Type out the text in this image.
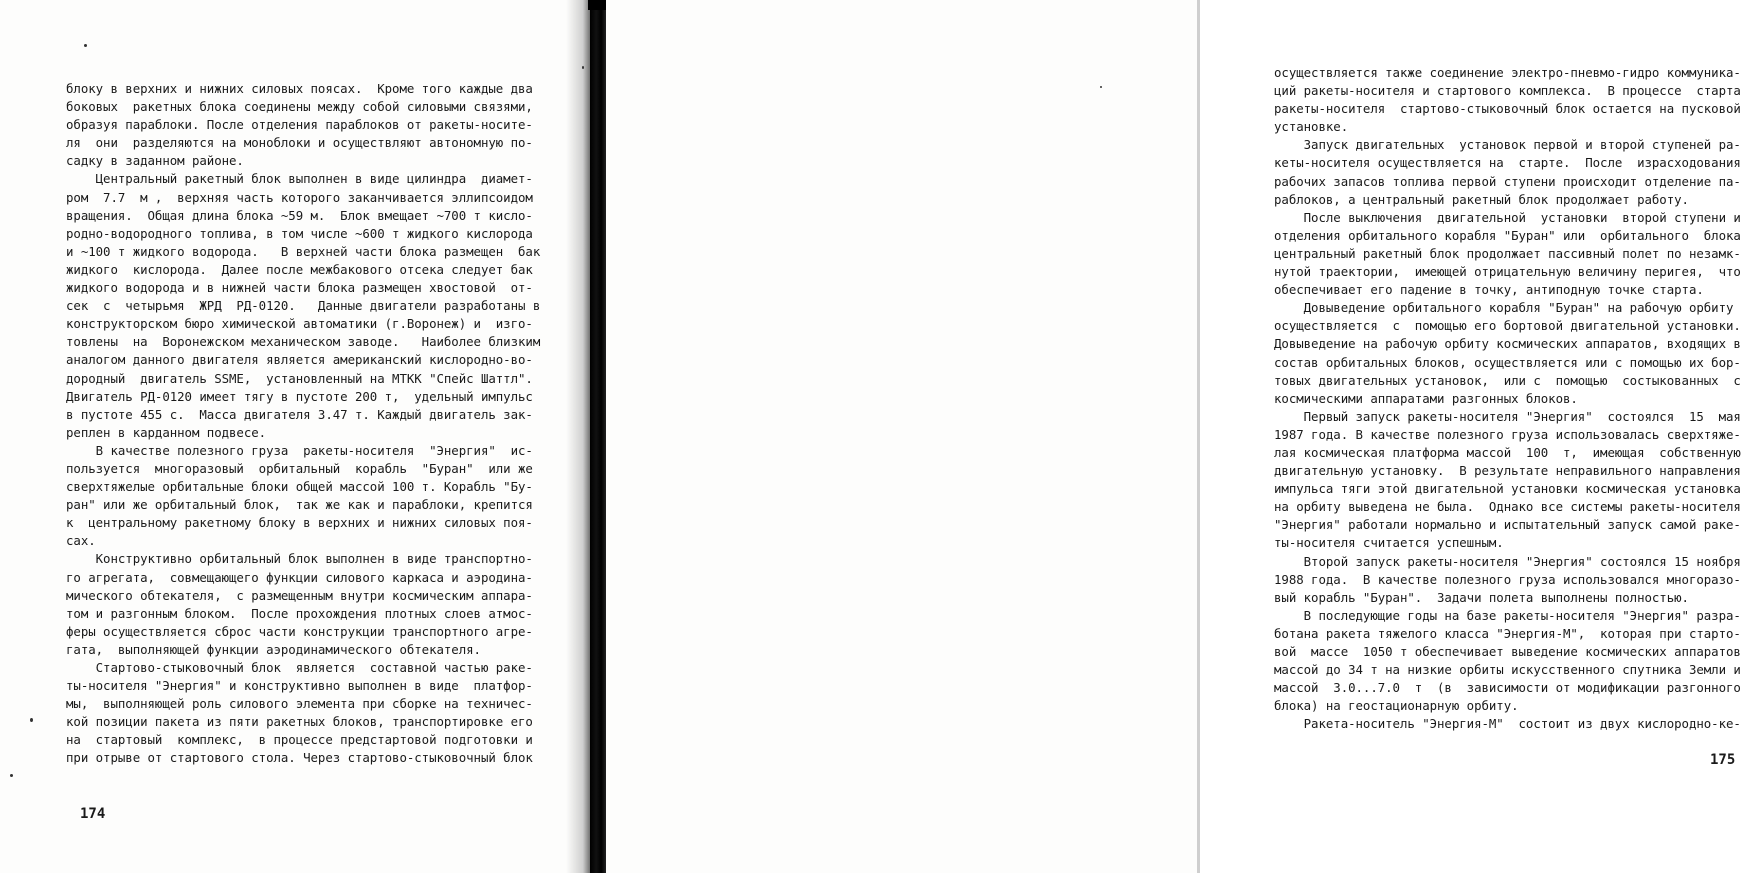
блоку в верхних и нижних силовых поясах.  Кроме того каждые два
боковых  ракетных блока соединены между собой силовыми связями,
образуя параблоки. После отделения параблоков от ракеты-носите-
ля  они  разделяются на моноблоки и осуществляют автономную по-
садку в заданном районе.
Центральный ракетный блок выполнен в виде цилиндра  диамет-
ром  7.7  м ,  верхняя часть которого заканчивается эллипсоидом
вращения.  Общая длина блока ~59 м.  Блок вмещает ~700 т кисло-
родно-водородного топлива, в том числе ~600 т жидкого кислорода
и ~100 т жидкого водорода.   В верхней части блока размещен  бак
жидкого  кислорода.  Далее после межбакового отсека следует бак
жидкого водорода и в нижней части блока размещен хвостовой  от-
сек  с  четырьмя  ЖРД  РД-0120.   Данные двигатели разработаны в
конструкторском бюро химической автоматики (г.Воронеж) и  изго-
товлены  на  Воронежском механическом заводе.   Наиболее близким
аналогом данного двигателя является американский кислородно-во-
дородный  двигатель SSME,  установленный на МТКК "Спейс Шаттл".
Двигатель РД-0120 имеет тягу в пустоте 200 т,  удельный импульс
в пустоте 455 с.  Масса двигателя 3.47 т. Каждый двигатель зак-
реплен в карданном подвесе.
В качестве полезного груза  ракеты-носителя  "Энергия"  ис-
пользуется  многоразовый  орбитальный  корабль  "Буран"  или же
сверхтяжелые орбитальные блоки общей массой 100 т. Корабль "Бу-
ран" или же орбитальный блок,  так же как и параблоки, крепится
к  центральному ракетному блоку в верхних и нижних силовых поя-
сах.
Конструктивно орбитальный блок выполнен в виде транспортно-
го агрегата,  совмещающего функции силового каркаса и аэродина-
мического обтекателя,  с размещенным внутри космическим аппара-
том и разгонным блоком.  После прохождения плотных слоев атмос-
феры осуществляется сброс части конструкции транспортного агре-
гата,  выполняющей функции аэродинамического обтекателя.
Стартово-стыковочный блок  является  составной частью раке-
ты-носителя "Энергия" и конструктивно выполнен в виде  платфор-
мы,  выполняющей роль силового элемента при сборке на техничес-
кой позиции пакета из пяти ракетных блоков, транспортировке его
на  стартовый  комплекс,  в процессе предстартовой подготовки и
при отрыве от стартового стола. Через стартово-стыковочный блок
174
осуществляется также соединение электро-пневмо-гидро коммуника-
ций ракеты-носителя и стартового комплекса.  В процессе  старта
ракеты-носителя  стартово-стыковочный блок остается на пусковой
установке.
Запуск двигательных  установок первой и второй ступеней ра-
кеты-носителя осуществляется на  старте.  После  израсходования
рабочих запасов топлива первой ступени происходит отделение па-
раблоков, а центральный ракетный блок продолжает работу.
После выключения  двигательной  установки  второй ступени и
отделения орбитального корабля "Буран" или  орбитального  блока
центральный ракетный блок продолжает пассивный полет по незамк-
нутой траектории,  имеющей отрицательную величину перигея,  что
обеспечивает его падение в точку, антиподную точке старта.
Довыведение орбитального корабля "Буран" на рабочую орбиту
осуществляется  с  помощью его бортовой двигательной установки.
Довыведение на рабочую орбиту космических аппаратов, входящих в
состав орбитальных блоков, осуществляется или с помощью их бор-
товых двигательных установок,  или с  помощью  состыкованных  с
космическими аппаратами разгонных блоков.
Первый запуск ракеты-носителя "Энергия"  состоялся  15  мая
1987 года. В качестве полезного груза использовалась сверхтяже-
лая космическая платформа массой  100  т,  имеющая  собственную
двигательную установку.  В результате неправильного направления
импульса тяги этой двигательной установки космическая установка
на орбиту выведена не была.  Однако все системы ракеты-носителя
"Энергия" работали нормально и испытательный запуск самой раке-
ты-носителя считается успешным.
Второй запуск ракеты-носителя "Энергия" состоялся 15 ноября
1988 года.  В качестве полезного груза использовался многоразо-
вый корабль "Буран".  Задачи полета выполнены полностью.
В последующие годы на базе ракеты-носителя "Энергия" разра-
ботана ракета тяжелого класса "Энергия-М",  которая при старто-
вой  массе  1050 т обеспечивает выведение космических аппаратов
массой до 34 т на низкие орбиты искусственного спутника Земли и
массой  3.0...7.0  т  (в  зависимости от модификации разгонного
блока) на геостационарную орбиту.
Ракета-носитель "Энергия-М"  состоит из двух кислородно-ке-
175
